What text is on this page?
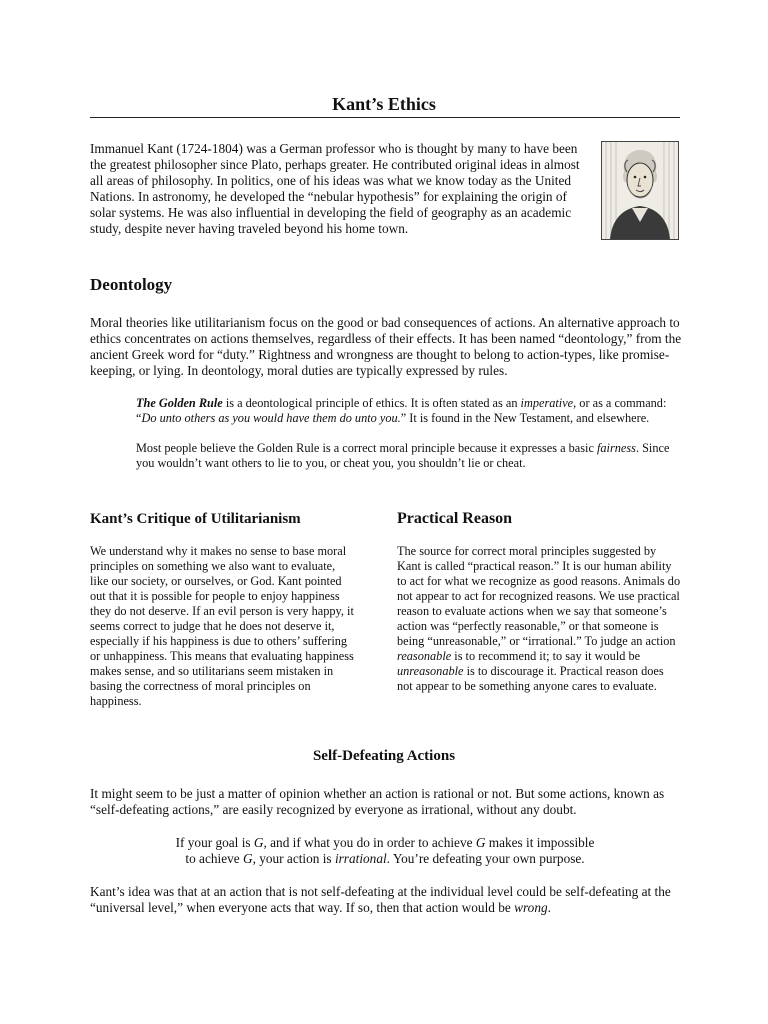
Kant’s Ethics

Immanuel Kant (1724-1804) was a German professor who is thought by many to have been the greatest philosopher since Plato, perhaps greater. He contributed original ideas in almost all areas of philosophy. In politics, one of his ideas was what we know today as the United Nations. In astronomy, he developed the “nebular hypothesis” for explaining the origin of solar systems. He was also influential in developing the field of geography as an academic study, despite never having traveled beyond his home town.

Deontology

Moral theories like utilitarianism focus on the good or bad consequences of actions. An alternative approach to ethics concentrates on actions themselves, regardless of their effects. It has been named “deontology,” from the ancient Greek word for “duty.” Rightness and wrongness are thought to belong to action-types, like promise-keeping, or lying. In deontology, moral duties are typically expressed by rules.

The Golden Rule is a deontological principle of ethics. It is often stated as an imperative, or as a command: “Do unto others as you would have them do unto you.” It is found in the New Testament, and elsewhere.

Most people believe the Golden Rule is a correct moral principle because it expresses a basic fairness. Since you wouldn’t want others to lie to you, or cheat you, you shouldn’t lie or cheat.

Kant’s Critique of Utilitarianism	Practical Reason

We understand why it makes no sense to base moral principles on something we also want to evaluate, like our society, or ourselves, or God. Kant pointed out that it is possible for people to enjoy happiness they do not deserve. If an evil person is very happy, it seems correct to judge that he does not deserve it, especially if his happiness is due to others’ suffering or unhappiness. This means that evaluating happiness makes sense, and so utilitarians seem mistaken in basing the correctness of moral principles on happiness.

The source for correct moral principles suggested by Kant is called “practical reason.” It is our human ability to act for what we recognize as good reasons. Animals do not appear to act for recognized reasons. We use practical reason to evaluate actions when we say that someone’s action was “perfectly reasonable,” or that someone is being “unreasonable,” or “irrational.” To judge an action reasonable is to recommend it; to say it would be unreasonable is to discourage it. Practical reason does not appear to be something anyone cares to evaluate.

Self-Defeating Actions

It might seem to be just a matter of opinion whether an action is rational or not. But some actions, known as “self-defeating actions,” are easily recognized by everyone as irrational, without any doubt.

If your goal is G, and if what you do in order to achieve G makes it impossible
to achieve G, your action is irrational. You’re defeating your own purpose.

Kant’s idea was that at an action that is not self-defeating at the individual level could be self-defeating at the “universal level,” when everyone acts that way. If so, then that action would be wrong.
